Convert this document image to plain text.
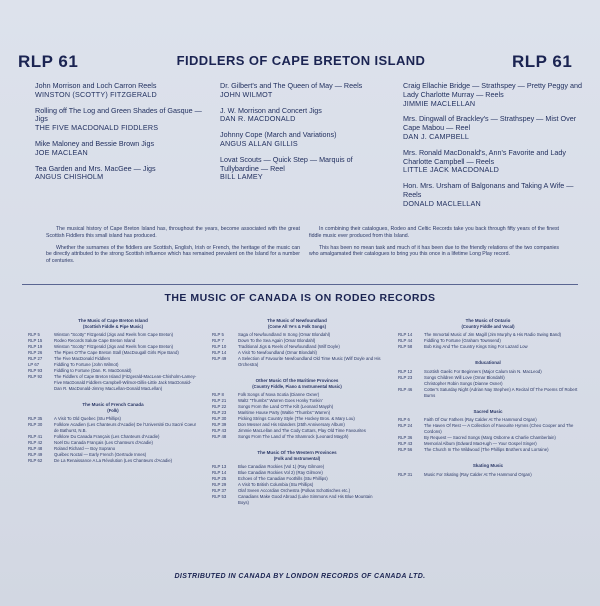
RLP 61	FIDDLERS OF CAPE BRETON ISLAND	RLP 61
John Morrison and Loch Carron Reels
WINSTON (SCOTTY) FITZGERALD
Rolling off The Log and Green Shades of Gasque — Jigs
THE FIVE MACDONALD FIDDLERS
Mike Maloney and Bessie Brown Jigs
JOE MACLEAN
Tea Garden and Mrs. MacGee — Jigs
ANGUS CHISHOLM
Dr. Gilbert's and The Queen of May — Reels
JOHN WILMOT
J. W. Morrison and Concert Jigs
DAN R. MACDONALD
Johnny Cope (March and Variations)
ANGUS ALLAN GILLIS
Lovat Scouts — Quick Step — Marquis of Tullybardine — Reel
BILL LAMEY
Craig Ellachie Bridge — Strathspey — Pretty Peggy and Lady Charlotte Murray — Reels
JIMMIE MACLELLAN
Mrs. Dingwall of Brackley's — Strathspey — Mist Over Cape Mabou — Reel
DAN J. CAMPBELL
Mrs. Ronald MacDonald's, Ann's Favorite and Lady Charlotte Campbell — Reels
LITTLE JACK MACDONALD
Hon. Mrs. Ursham of Balgonans and Taking A Wife — Reels
DONALD MACLELLAN

The musical history of Cape Breton Island has, throughout the years, become associated with the great Scottish Fiddlers this small island has produced.

Whether the surnames of the fiddlers are Scottish, English, Irish or French, the heritage of the music can be directly attributed to the strong Scottish influence which has remained prevalent on the Island for a number of centuries.

In combining their catalogues, Rodeo and Celtic Records take you back through fifty years of the finest fiddle music ever produced from this Island.

This has been no mean task and much of it has been due to the friendly relations of the two companies who amalgamated their catalogues to bring you this once in a lifetime Long Play record.

THE MUSIC OF CANADA IS ON RODEO RECORDS
The Music of Cape Breton Island
(Scottish Fiddle & Pipe Music)
RLP 5	Winston "Scotty" Fitzgerald (Jigs and Reels from Cape Breton)
RLP 15	Rodeo Records Salute Cape Breton Island
RLP 19	Winston "Scotty" Fitzgerald (Jigs and Reels from Cape Breton)
RLP 26	The Pipes O'The Cape Breton Stall (MacDougall Girls Pipe Band)
RLP 27	The Five MacDonald Fiddlers
LP 67	Fiddling To Fortune (John Wilmot)
RLP 93	Fiddling to Fortune (Dan. R. MacDonald)
RLP 92	The Fiddlers of Cape Breton Island (Fitzgerald-MacLean-Chisholm-Lamey-Five MacDonald Fiddlers-Campbell-Wilmot-Gillis-Little Jack MacDonald-Dan R. MacDonald-Jimmy MacLellan-Donald MacLellan)
The Music of French Canada
(Folk)
RLP 35	A Visit To Old Quebec (Stu Phillips)
RLP 30	Folklore Acadien (Les Chanteurs d'Acadie) De l'Université Du Sacré Coeur de Bathurst, N.B.
RLP 41	Folklore Du Canada Français (Les Chanteurs d'Acadie)
RLP 42	Noël Du Canada Français (Les Chanteurs d'Acadie)
RLP 48	Roland Richard — Boy Soprano
RLP 49	Québec Noctal — Early French (Gertrude Innes)
RLP 62	De La Renaissance A La Révolution (Les Chanteurs d'Acadie)
The Music of Newfoundland
(Come All Ye's & Folk Songs)
RLP 5	Saga of Newfoundland In Song (Omar Blondahl)
RLP 7	Down To the Sea Again (Omar Blondahl)
RLP 10	Traditional Jigs & Reels of Newfoundland (Wilf Doyle)
RLP 14	A Visit To Newfoundland (Omar Blondahl)
RLP 49	A Selection of Favourite Newfoundland Old Time Music (Wilf Doyle and His Orchestra)
Other Music Of the Maritime Provinces
(Country Fiddle, Piano & Instrumental Music)
RLP 8	Folk Songs of Nova Scotia (Dianne Oxner)
RLP 21	Waltz "Thumbs" Warren Goes Honky Tonkin'
RLP 22	Songs From the Land O'The Kilt (Leonard Mayph)
RLP 23	Maritime House Party (Waltie "Thumbs" Warren)
RLP 30	Picking Strings Country Style (The Hockey Bros. & Mary Lou)
RLP 39	Don Messer and His Islanders (25th Anniversary Album)
RLP 43	Jimmie MacLellan and The Cody Cottars, Play Old Time Favourites
RLP 48	Songs From The Land of The Shamrock (Leonard Mayph)
The Music Of The Western Provinces
(Folk and Instrumental)
RLP 13	Blue Canadian Rockies (Vol 1) (Ray Gilmore)
RLP 14	Blue Canadian Rockies Vol 2) (Ray Gilmore)
RLP 25	Echoes of The Canadian Foothills (Stu Phillips)
RLP 29	A Visit To British Columbia (Stu Phillips)
RLP 37	Olaf Sveen Accordian Orchestra (Polkas Schottisches etc.)
RLP 53	Canadians Make Good Abroad (Luke Simmons And His Blue Mountain Boys)
The Music of Ontario
(Country Fiddle and Vocal)
RLP 14	The Immortal Music of Jim Magill (Jim Murphy & His Radio Swing Band)
RLP 44	Fiddling To Fortune (Graham Townsend)
RLP 58	Bob King And The Country Kings Sing For Lazard Low
Educational
RLP 12	Scottish Gaelic For Beginners (Major Calum Iain N. MacLeod)
RLP 23	Songs Children Will Love (Omar Blondahl)
Christopher Robin Songs (Dianne Oxner)
RLP 46	Cotter's Saturday Night (Adrian Nay Stephen) A Recital Of The Poems Of Robert Burns
Sacred Music
RLP 6	Faith Of Our Fathers (Ray Calder At The Hammond Organ)
RLP 24	The Haven Of Rest — A Collection of Favourite Hymns (Cheo Cooper and The Cordons)
RLP 36	By Request — Sacred Songs (Marg Osborne & Charlie Chamberlain)
RLP 43	Memorial Album (Edward MacHugh — Your Gospel Singer)
RLP 56	The Church In The Wildwood (The Phillips Brothers and Lorraine)
Skating Music
RLP 31	Music For Skating (Ray Calder At The Hammond Organ)
DISTRIBUTED IN CANADA BY LONDON RECORDS OF CANADA LTD.
